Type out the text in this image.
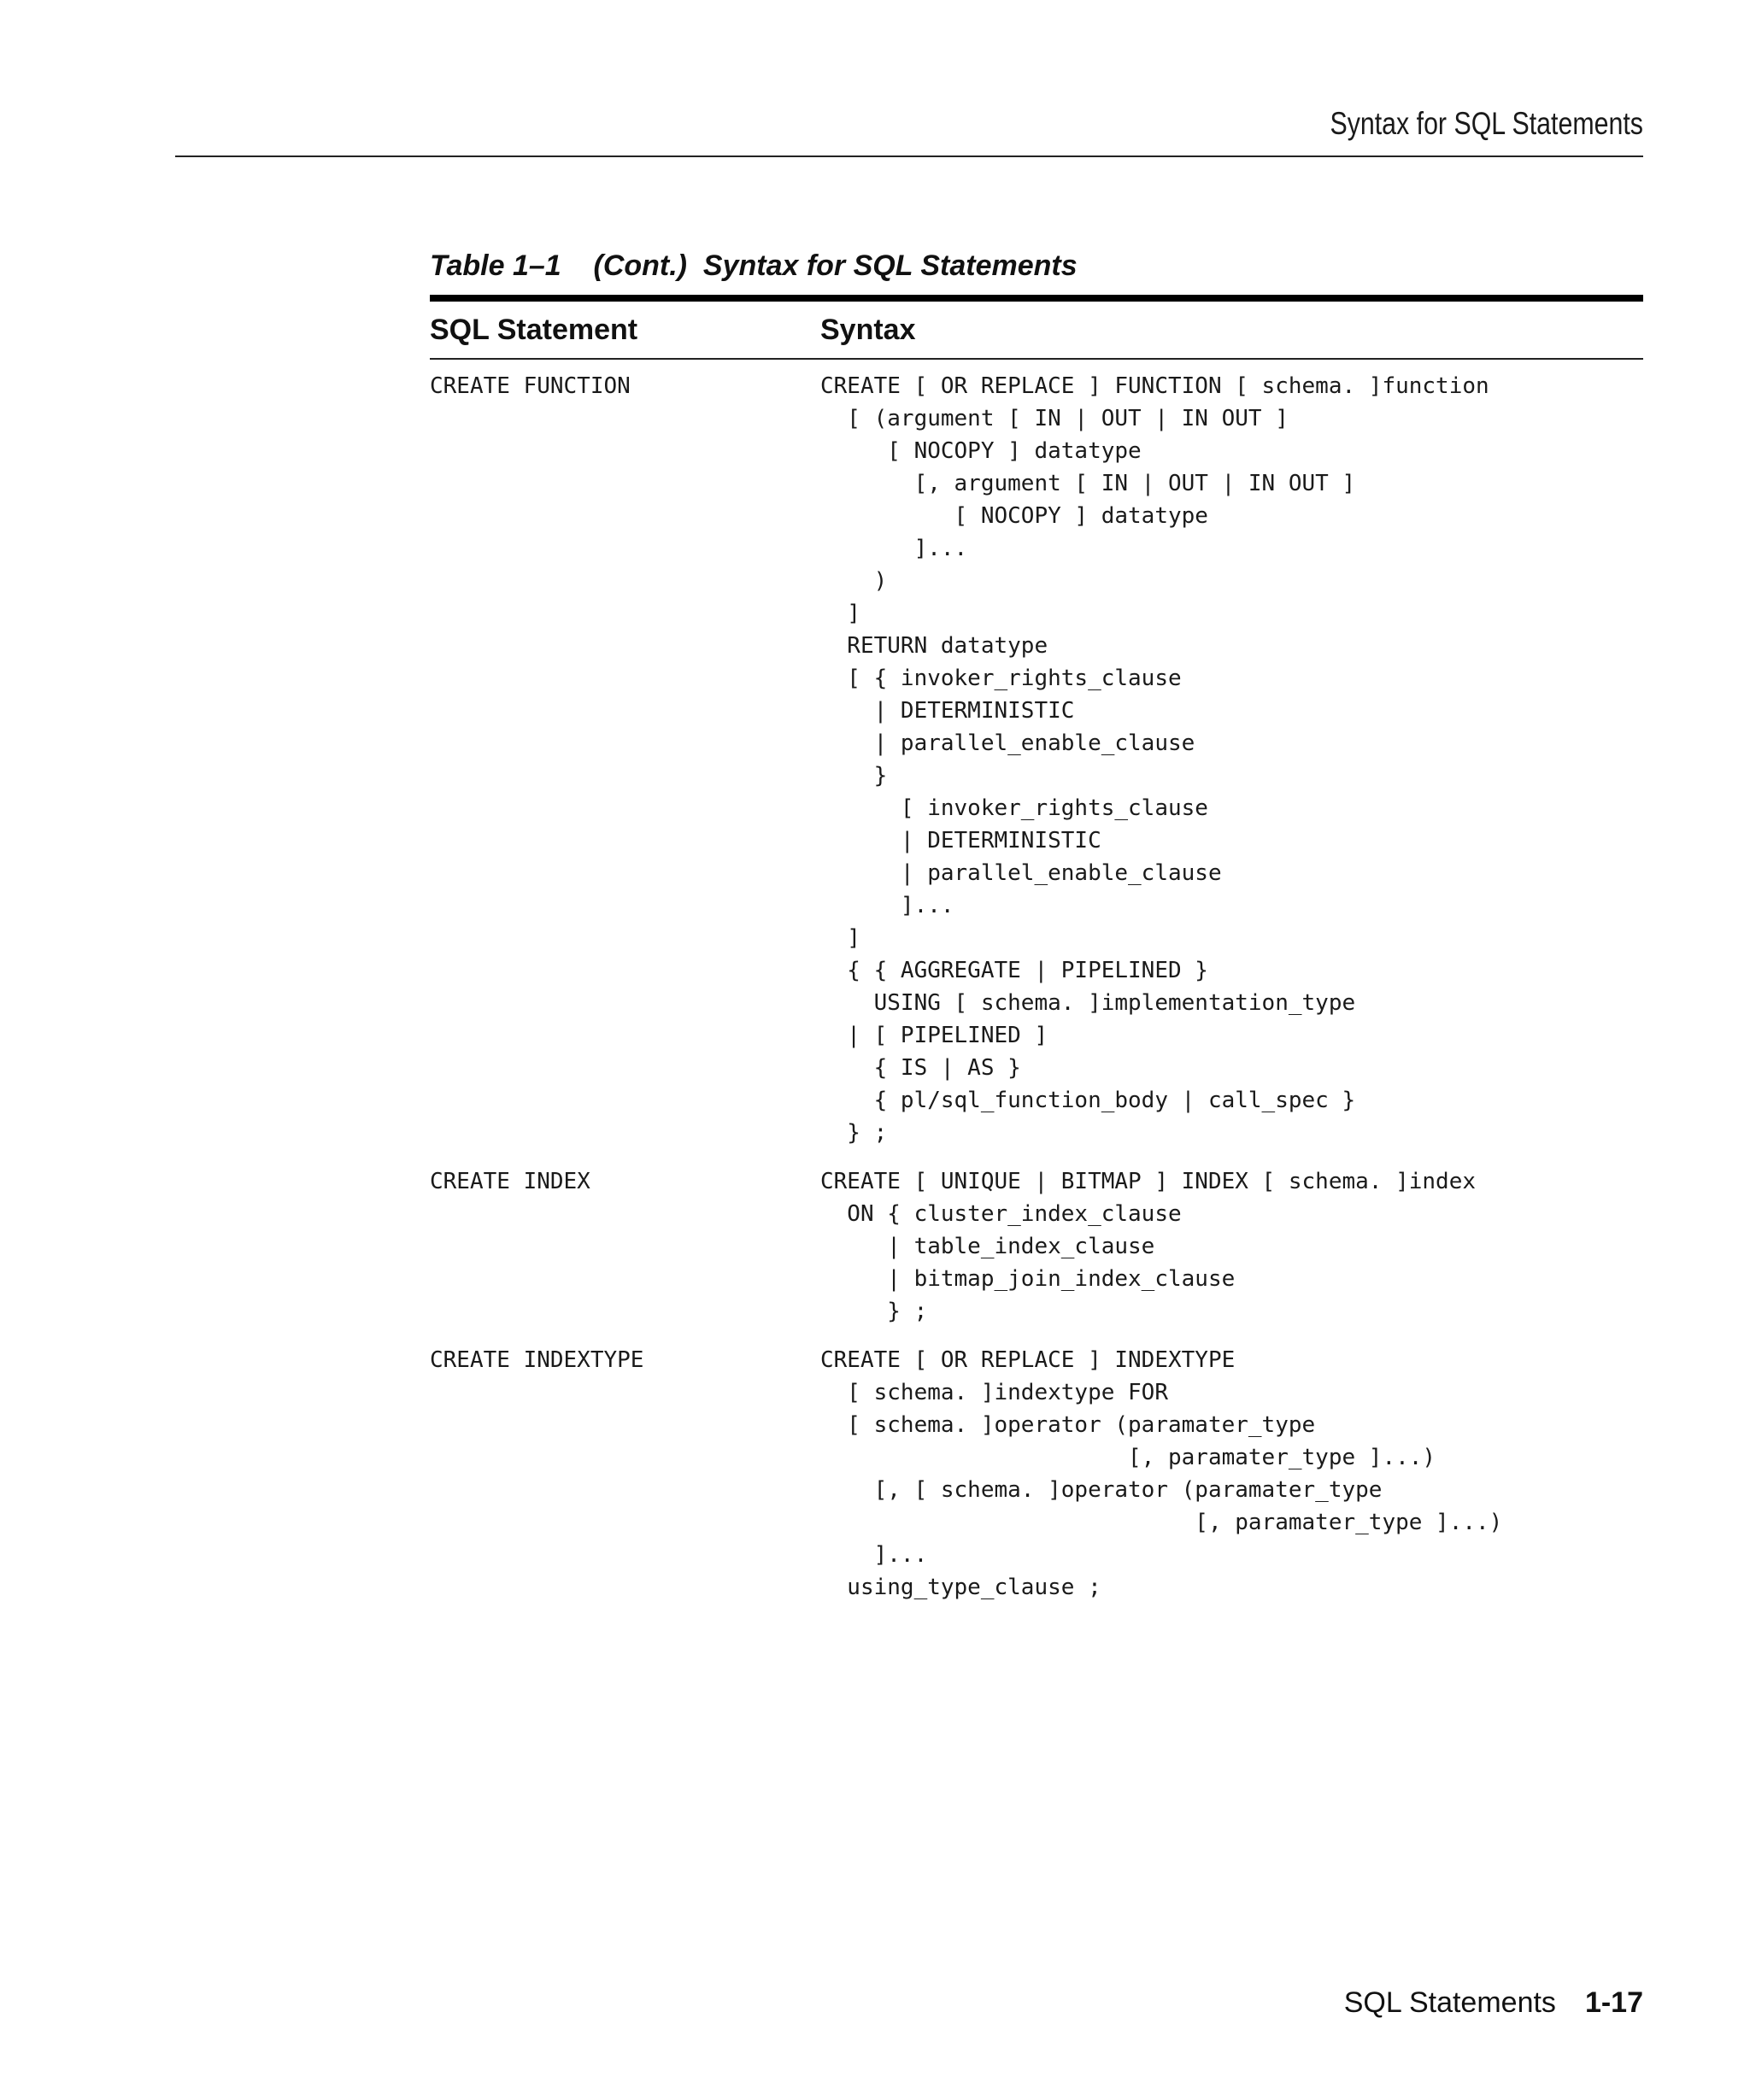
Syntax for SQL Statements
Table 1–1    (Cont.)  Syntax for SQL Statements
SQL Statement	Syntax
CREATE FUNCTION	CREATE [ OR REPLACE ] FUNCTION [ schema. ]function
[ (argument [ IN | OUT | IN OUT ]
[ NOCOPY ] datatype
[, argument [ IN | OUT | IN OUT ]
[ NOCOPY ] datatype
]...
)
]
RETURN datatype
[ { invoker_rights_clause
| DETERMINISTIC
| parallel_enable_clause
}
[ invoker_rights_clause
| DETERMINISTIC
| parallel_enable_clause
]...
]
{ { AGGREGATE | PIPELINED }
USING [ schema. ]implementation_type
| [ PIPELINED ]
{ IS | AS }
{ pl/sql_function_body | call_spec }
} ;
CREATE INDEX	CREATE [ UNIQUE | BITMAP ] INDEX [ schema. ]index
ON { cluster_index_clause
| table_index_clause
| bitmap_join_index_clause
} ;
CREATE INDEXTYPE	CREATE [ OR REPLACE ] INDEXTYPE
[ schema. ]indextype FOR
[ schema. ]operator (paramater_type
[, paramater_type ]...)
[, [ schema. ]operator (paramater_type
[, paramater_type ]...)
]...
using_type_clause ;
SQL Statements 1-17
